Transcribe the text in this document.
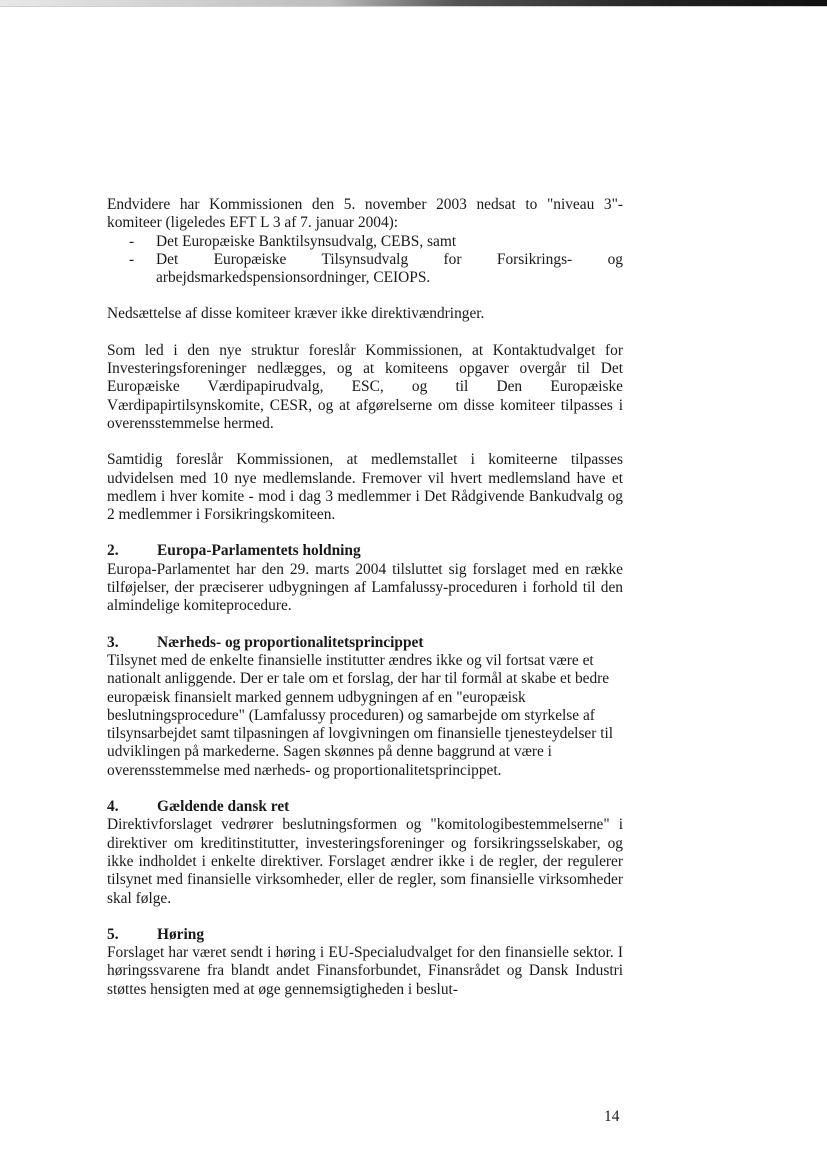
Endvidere har Kommissionen den 5. november 2003 nedsat to "niveau 3"- komiteer (ligeledes EFT L 3 af 7. januar 2004):

- Det Europæiske Banktilsynsudvalg, CEBS, samt
- Det Europæiske Tilsynsudvalg for Forsikrings- og arbejdsmarkedspensionsordninger, CEIOPS.

Nedsættelse af disse komiteer kræver ikke direktivændringer.

Som led i den nye struktur foreslår Kommissionen, at Kontaktudvalget for Investeringsforeninger nedlægges, og at komiteens opgaver overgår til Det Europæiske Værdipapirudvalg, ESC, og til Den Europæiske Værdipapirtilsynskomite, CESR, og at afgørelserne om disse komiteer tilpasses i overensstemmelse hermed.

Samtidig foreslår Kommissionen, at medlemstallet i komiteerne tilpasses udvidelsen med 10 nye medlemslande. Fremover vil hvert medlemsland have et medlem i hver komite - mod i dag 3 medlemmer i Det Rådgivende Bankudvalg og 2 medlemmer i Forsikringskomiteen.

2.	Europa-Parlamentets holdning

Europa-Parlamentet har den 29. marts 2004 tilsluttet sig forslaget med en række tilføjelser, der præciserer udbygningen af Lamfalussy-proceduren i forhold til den almindelige komiteprocedure.

3.	Nærheds- og proportionalitetsprincippet

Tilsynet med de enkelte finansielle institutter ændres ikke og vil fortsat være et nationalt anliggende. Der er tale om et forslag, der har til formål at skabe et bedre europæisk finansielt marked gennem udbygningen af en "europæisk beslutningsprocedure" (Lamfalussy proceduren) og samarbejde om styrkelse af tilsynsarbejdet samt tilpasningen af lovgivningen om finansielle tjenesteydelser til udviklingen på markederne. Sagen skønnes på denne baggrund at være i overensstemmelse med nærheds- og proportionalitetsprincippet.

4.	Gældende dansk ret

Direktivforslaget vedrører beslutningsformen og "komitologibestemmelserne" i direktiver om kreditinstitutter, investeringsforeninger og forsikringsselskaber, og ikke indholdet i enkelte direktiver. Forslaget ændrer ikke i de regler, der regulerer tilsynet med finansielle virksomheder, eller de regler, som finansielle virksomheder skal følge.

5.	Høring

Forslaget har været sendt i høring i EU-Specialudvalget for den finansielle sektor. I høringssvarene fra blandt andet Finansforbundet, Finansrådet og Dansk Industri støttes hensigten med at øge gennemsigtigheden i beslut-

14
